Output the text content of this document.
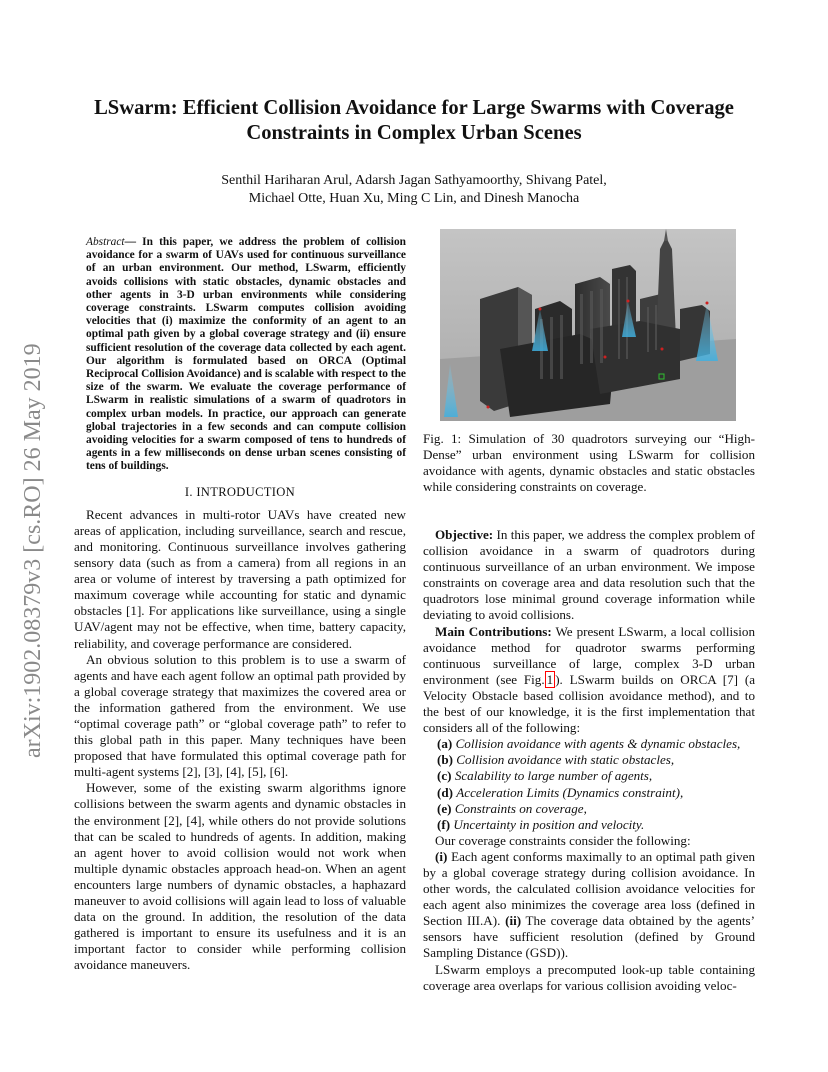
LSwarm: Efficient Collision Avoidance for Large Swarms with Coverage Constraints in Complex Urban Scenes
Senthil Hariharan Arul, Adarsh Jagan Sathyamoorthy, Shivang Patel,
Michael Otte, Huan Xu, Ming C Lin, and Dinesh Manocha
arXiv:1902.08379v3 [cs.RO] 26 May 2019
Abstract— In this paper, we address the problem of collision avoidance for a swarm of UAVs used for continuous surveillance of an urban environment. Our method, LSwarm, efficiently avoids collisions with static obstacles, dynamic obstacles and other agents in 3-D urban environments while considering coverage constraints. LSwarm computes collision avoiding velocities that (i) maximize the conformity of an agent to an optimal path given by a global coverage strategy and (ii) ensure sufficient resolution of the coverage data collected by each agent. Our algorithm is formulated based on ORCA (Optimal Reciprocal Collision Avoidance) and is scalable with respect to the size of the swarm. We evaluate the coverage performance of LSwarm in realistic simulations of a swarm of quadrotors in complex urban models. In practice, our approach can generate global trajectories in a few seconds and can compute collision avoiding velocities for a swarm composed of tens to hundreds of agents in a few milliseconds on dense urban scenes consisting of tens of buildings.
I. INTRODUCTION

Recent advances in multi-rotor UAVs have created new areas of application, including surveillance, search and rescue, and monitoring. Continuous surveillance involves gathering sensory data (such as from a camera) from all regions in an area or volume of interest by traversing a path optimized for maximum coverage while accounting for static and dynamic obstacles [1]. For applications like surveillance, using a single UAV/agent may not be effective, when time, battery capacity, reliability, and coverage performance are considered.

An obvious solution to this problem is to use a swarm of agents and have each agent follow an optimal path provided by a global coverage strategy that maximizes the covered area or the information gathered from the environment. We use “optimal coverage path” or “global coverage path” to refer to this global path in this paper. Many techniques have been proposed that have formulated this optimal coverage path for multi-agent systems [2], [3], [4], [5], [6].

However, some of the existing swarm algorithms ignore collisions between the swarm agents and dynamic obstacles in the environment [2], [4], while others do not provide solutions that can be scaled to hundreds of agents. In addition, making an agent hover to avoid collision would not work when multiple dynamic obstacles approach head-on. When an agent encounters large numbers of dynamic obstacles, a haphazard maneuver to avoid collisions will again lead to loss of valuable data on the ground. In addition, the resolution of the data gathered is important to ensure its usefulness and it is an important factor to consider while performing collision avoidance maneuvers.

Fig. 1: Simulation of 30 quadrotors surveying our “High-Dense” urban environment using LSwarm for collision avoidance with agents, dynamic obstacles and static obstacles while considering constraints on coverage.

Objective: In this paper, we address the complex problem of collision avoidance in a swarm of quadrotors during continuous surveillance of an urban environment. We impose constraints on coverage area and data resolution such that the quadrotors lose minimal ground coverage information while deviating to avoid collisions.

Main Contributions: We present LSwarm, a local collision avoidance method for quadrotor swarms performing continuous surveillance of large, complex 3-D urban environment (see Fig. 1 ). LSwarm builds on ORCA [7] (a Velocity Obstacle based collision avoidance method), and to the best of our knowledge, it is the first implementation that considers all of the following:

(a) Collision avoidance with agents & dynamic obstacles,
(b) Collision avoidance with static obstacles,
(c) Scalability to large number of agents,
(d) Acceleration Limits (Dynamics constraint),
(e) Constraints on coverage,
(f) Uncertainty in position and velocity.

Our coverage constraints consider the following:

(i) Each agent conforms maximally to an optimal path given by a global coverage strategy during collision avoidance. In other words, the calculated collision avoidance velocities for each agent also minimizes the coverage area loss (defined in Section III.A). (ii) The coverage data obtained by the agents’ sensors have sufficient resolution (defined by Ground Sampling Distance (GSD)).

LSwarm employs a precomputed look-up table containing coverage area overlaps for various collision avoiding veloc-
